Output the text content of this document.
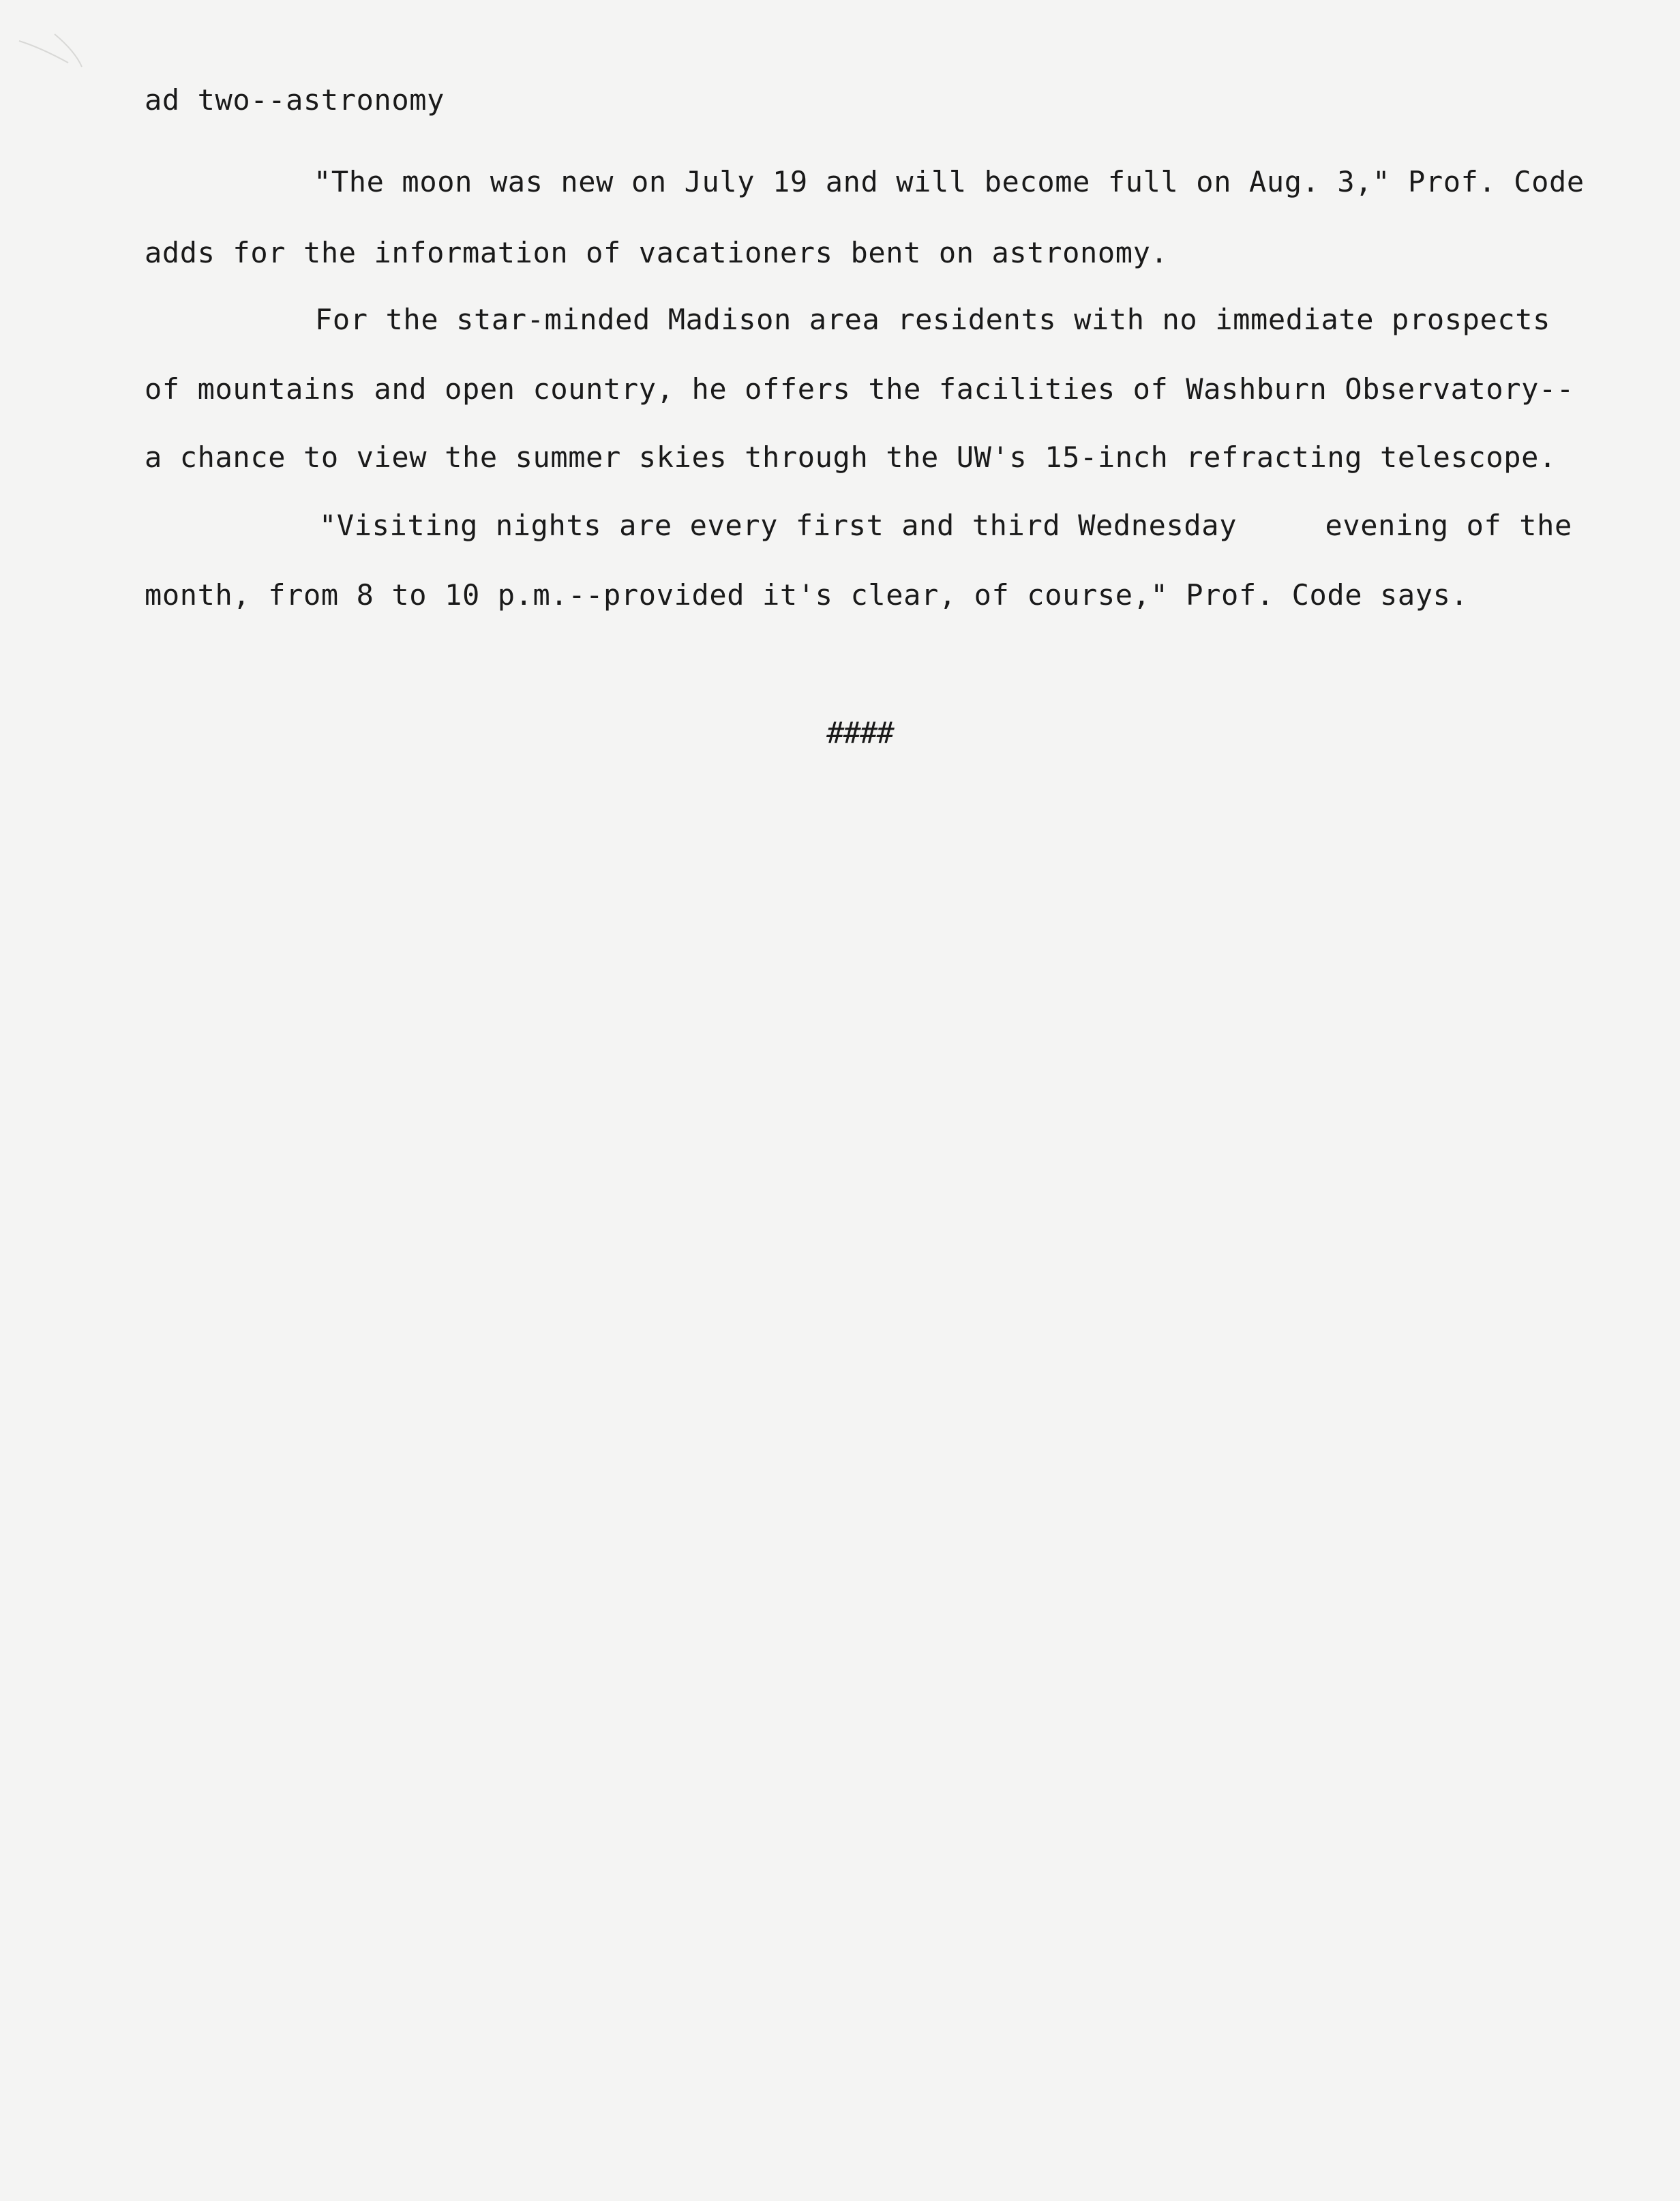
ad two--astronomy

"The moon was new on July 19 and will become full on Aug. 3," Prof. Code

adds for the information of vacationers bent on astronomy.

For the star-minded Madison area residents with no immediate prospects

of mountains and open country, he offers the facilities of Washburn Observatory--

a chance to view the summer skies through the UW's 15-inch refracting telescope.

"Visiting nights are every first and third Wednesday     evening of the

month, from 8 to 10 p.m.--provided it's clear, of course," Prof. Code says.

####
